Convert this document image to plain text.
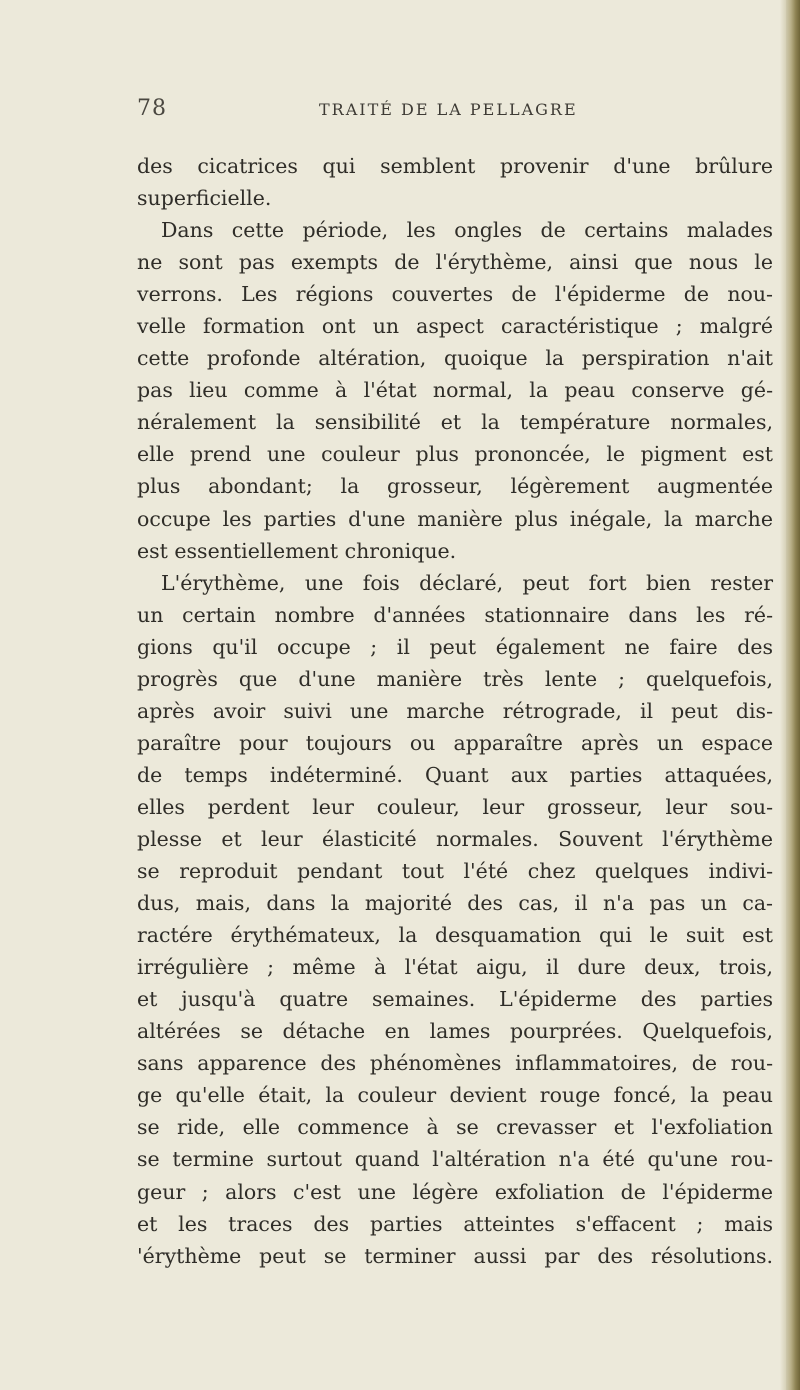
78	TRAITÉ DE LA PELLAGRE
des cicatrices qui semblent provenir d'une brûlure
superficielle.
Dans cette période, les ongles de certains malades
ne sont pas exempts de l'érythème, ainsi que nous le
verrons. Les régions couvertes de l'épiderme de nou-
velle formation ont un aspect caractéristique ; malgré
cette profonde altération, quoique la perspiration n'ait
pas lieu comme à l'état normal, la peau conserve gé-
néralement la sensibilité et la température normales,
elle prend une couleur plus prononcée, le pigment est
plus abondant; la grosseur, légèrement augmentée
occupe les parties d'une manière plus inégale, la marche
est essentiellement chronique.
L'érythème, une fois déclaré, peut fort bien rester
un certain nombre d'années stationnaire dans les ré-
gions qu'il occupe ; il peut également ne faire des
progrès que d'une manière très lente ; quelquefois,
après avoir suivi une marche rétrograde, il peut dis-
paraître pour toujours ou apparaître après un espace
de temps indéterminé. Quant aux parties attaquées,
elles perdent leur couleur, leur grosseur, leur sou-
plesse et leur élasticité normales. Souvent l'érythème
se reproduit pendant tout l'été chez quelques indivi-
dus, mais, dans la majorité des cas, il n'a pas un ca-
ractére érythémateux, la desquamation qui le suit est
irrégulière ; même à l'état aigu, il dure deux, trois,
et jusqu'à quatre semaines. L'épiderme des parties
altérées se détache en lames pourprées. Quelquefois,
sans apparence des phénomènes inflammatoires, de rou-
ge qu'elle était, la couleur devient rouge foncé, la peau
se ride, elle commence à se crevasser et l'exfoliation
se termine surtout quand l'altération n'a été qu'une rou-
geur ; alors c'est une légère exfoliation de l'épiderme
et les traces des parties atteintes s'effacent ; mais
'érythème peut se terminer aussi par des résolutions.
